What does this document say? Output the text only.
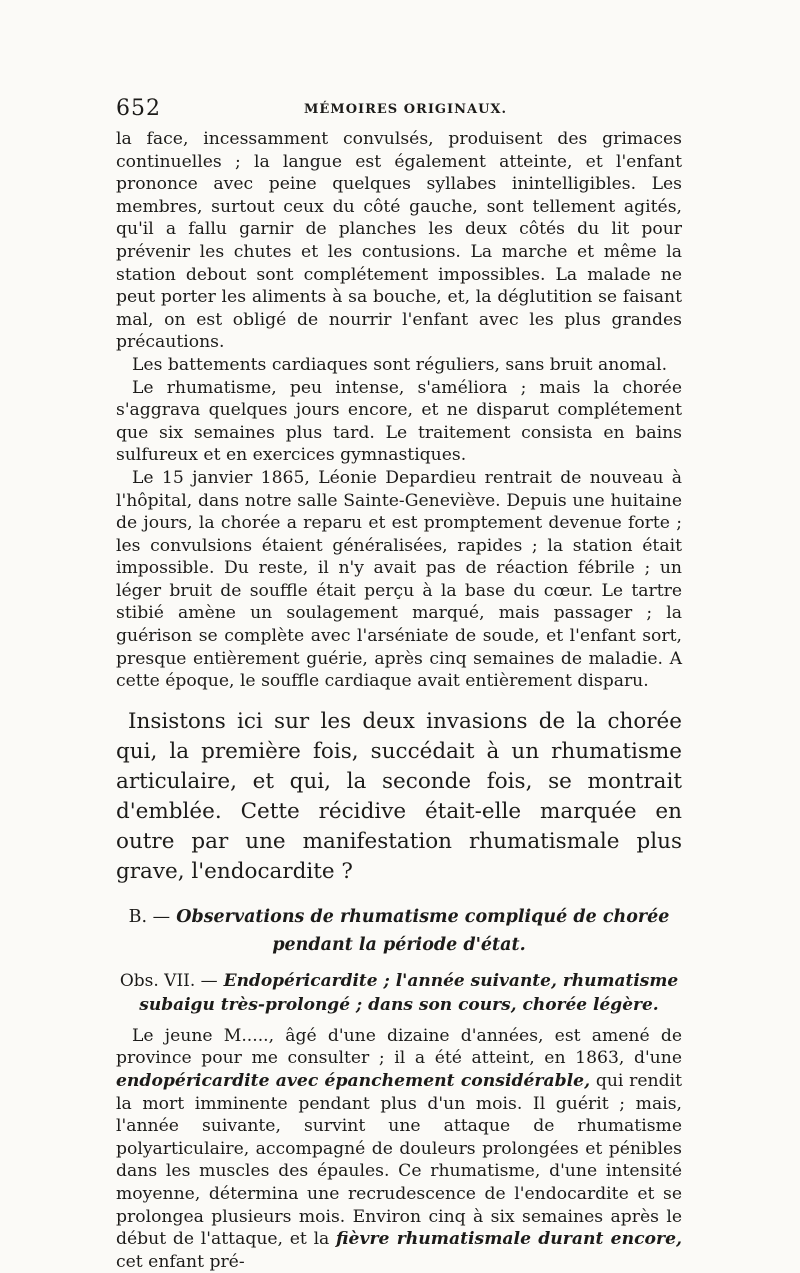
652	MÉMOIRES ORIGINAUX.

la face, incessamment convulsés, produisent des grimaces continuelles ; la langue est également atteinte, et l'enfant prononce avec peine quelques syllabes inintelligibles. Les membres, surtout ceux du côté gauche, sont tellement agités, qu'il a fallu garnir de planches les deux côtés du lit pour prévenir les chutes et les contusions. La marche et même la station debout sont complétement impossibles. La malade ne peut porter les aliments à sa bouche, et, la déglutition se faisant mal, on est obligé de nourrir l'enfant avec les plus grandes précautions.

Les battements cardiaques sont réguliers, sans bruit anomal.

Le rhumatisme, peu intense, s'améliora ; mais la chorée s'aggrava quelques jours encore, et ne disparut complétement que six semaines plus tard. Le traitement consista en bains sulfureux et en exercices gymnastiques.

Le 15 janvier 1865, Léonie Depardieu rentrait de nouveau à l'hôpital, dans notre salle Sainte-Geneviève. Depuis une huitaine de jours, la chorée a reparu et est promptement devenue forte ; les convulsions étaient généralisées, rapides ; la station était impossible. Du reste, il n'y avait pas de réaction fébrile ; un léger bruit de souffle était perçu à la base du cœur. Le tartre stibié amène un soulagement marqué, mais passager ; la guérison se complète avec l'arséniate de soude, et l'enfant sort, presque entièrement guérie, après cinq semaines de maladie. A cette époque, le souffle cardiaque avait entièrement disparu.

Insistons ici sur les deux invasions de la chorée qui, la première fois, succédait à un rhumatisme articulaire, et qui, la seconde fois, se montrait d'emblée. Cette récidive était-elle marquée en outre par une manifestation rhumatismale plus grave, l'endocardite ?

B. — Observations de rhumatisme compliqué de chorée pendant la période d'état.

Obs. VII. — Endopéricardite ; l'année suivante, rhumatisme subaigu très-prolongé ; dans son cours, chorée légère.

Le jeune M....., âgé d'une dizaine d'années, est amené de province pour me consulter ; il a été atteint, en 1863, d'une endopéricardite avec épanchement considérable, qui rendit la mort imminente pendant plus d'un mois. Il guérit ; mais, l'année suivante, survint une attaque de rhumatisme polyarticulaire, accompagné de douleurs prolongées et pénibles dans les muscles des épaules. Ce rhumatisme, d'une intensité moyenne, détermina une recrudescence de l'endocardite et se prolongea plusieurs mois. Environ cinq à six semaines après le début de l'attaque, et la fièvre rhumatismale durant encore, cet enfant pré-
